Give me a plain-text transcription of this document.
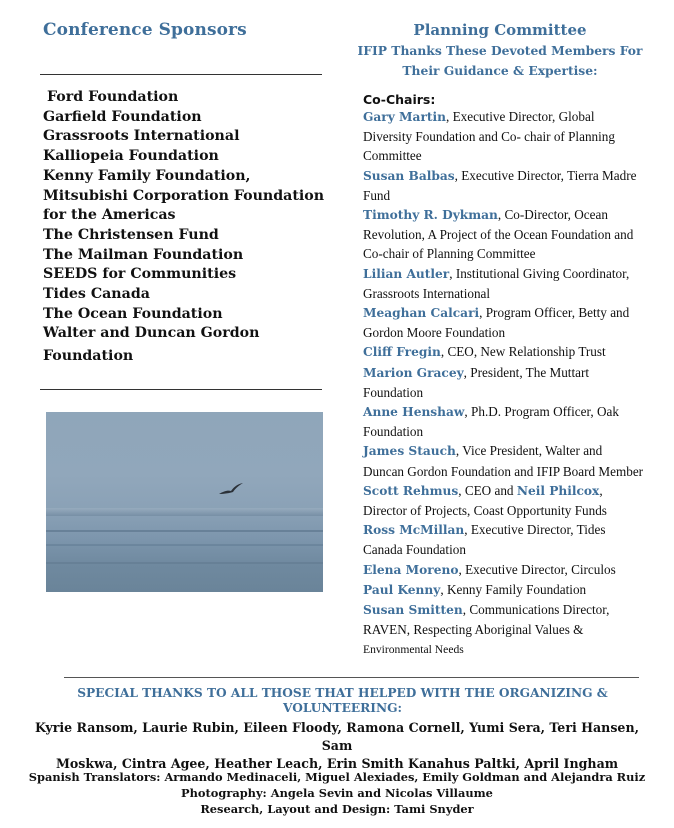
Conference Sponsors
Ford Foundation
Garfield Foundation
Grassroots International
Kalliopeia Foundation
Kenny Family Foundation,
Mitsubishi Corporation Foundation
for the Americas
The Christensen Fund
The Mailman Foundation
SEEDS for Communities
Tides Canada
The Ocean Foundation
Walter and Duncan Gordon
Foundation
Planning Committee
IFIP Thanks These Devoted Members For
Their Guidance & Expertise:
Co-Chairs:
Gary Martin, Executive Director, Global Diversity Foundation and Co- chair of Planning Committee
Susan Balbas, Executive Director, Tierra Madre Fund
Timothy R. Dykman, Co-Director, Ocean Revolution, A Project of the Ocean Foundation and Co-chair of Planning Committee
Lilian Autler, Institutional Giving Coordinator, Grassroots International
Meaghan Calcari, Program Officer, Betty and Gordon Moore Foundation
Cliff Fregin, CEO, New Relationship Trust
Marion Gracey, President, The Muttart Foundation
Anne Henshaw, Ph.D. Program Officer, Oak Foundation
James Stauch, Vice President, Walter and Duncan Gordon Foundation and IFIP Board Member
Scott Rehmus, CEO and Neil Philcox, Director of Projects, Coast Opportunity Funds
Ross McMillan, Executive Director, Tides Canada Foundation
Elena Moreno, Executive Director, Circulos
Paul Kenny, Kenny Family Foundation
Susan Smitten, Communications Director, RAVEN, Respecting Aboriginal Values & Environmental Needs
SPECIAL THANKS TO ALL THOSE THAT HELPED WITH THE ORGANIZING &
VOLUNTEERING:
Kyrie Ransom, Laurie Rubin, Eileen Floody, Ramona Cornell, Yumi Sera, Teri Hansen, Sam
Moskwa, Cintra Agee, Heather Leach, Erin Smith Kanahus Paltki, April Ingham
Spanish Translators: Armando Medinaceli, Miguel Alexiades, Emily Goldman and Alejandra Ruiz
Photography: Angela Sevin and Nicolas Villaume
Research, Layout and Design: Tami Snyder
